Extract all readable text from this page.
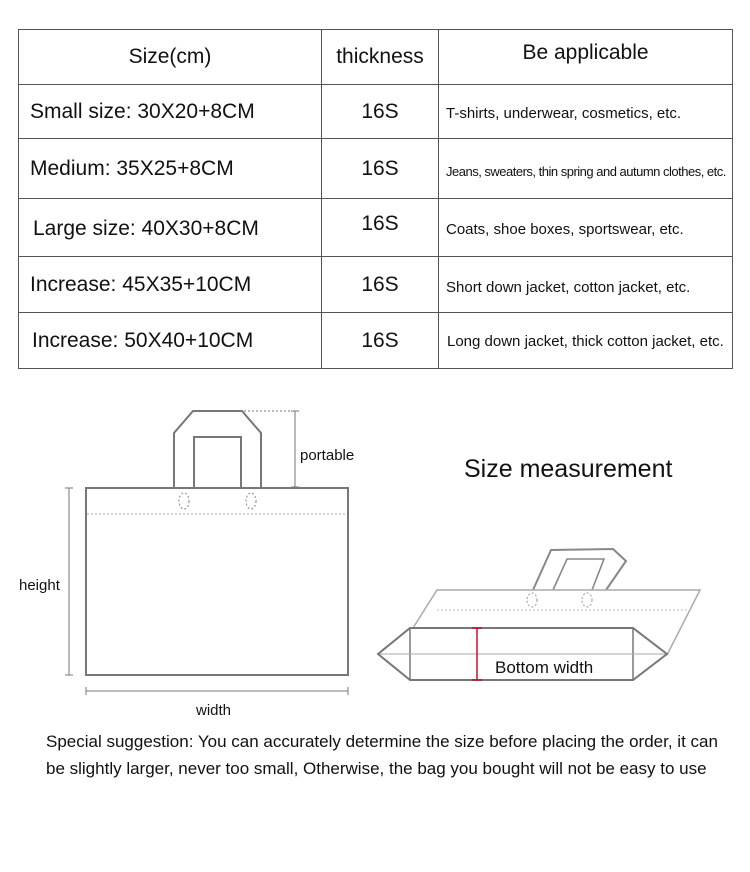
Size(cm)	thickness	Be applicable
Small size: 30X20+8CM	16S	T-shirts, underwear, cosmetics, etc.
Medium: 35X25+8CM	16S	Jeans, sweaters, thin spring and autumn clothes, etc.
Large size: 40X30+8CM	16S	Coats, shoe boxes, sportswear, etc.
Increase: 45X35+10CM	16S	Short down jacket, cotton jacket, etc.
Increase: 50X40+10CM	16S	Long down jacket, thick cotton jacket, etc.
portable
height
width
Bottom width
Size measurement
Special suggestion: You can accurately determine the size before placing the order, it can be slightly larger, never too small, Otherwise, the bag you bought will not be easy to use
